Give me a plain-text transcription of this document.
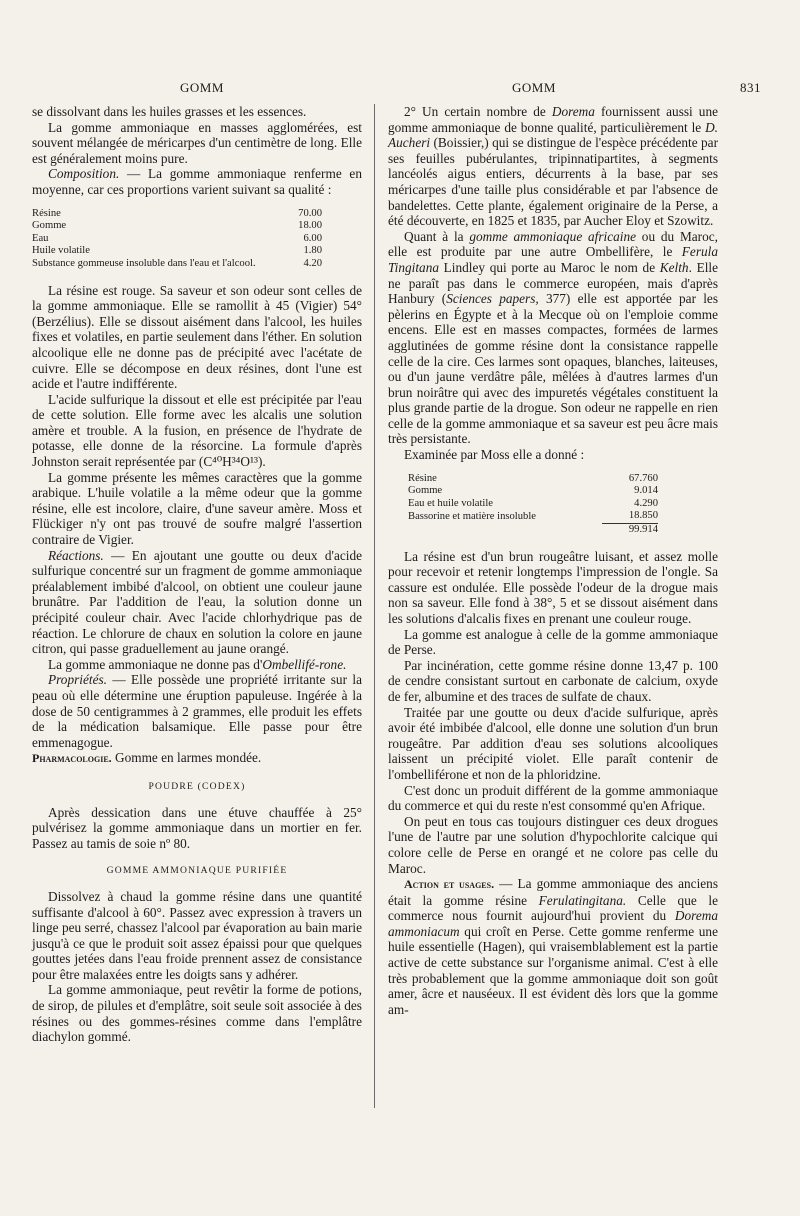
GOMM	GOMM	831

se dissolvant dans les huiles grasses et les essences.

La gomme ammoniaque en masses agglomérées, est souvent mélangée de méricarpes d'un centimètre de long. Elle est généralement moins pure.

Composition. — La gomme ammoniaque renferme en moyenne, car ces proportions varient suivant sa qualité :

Résine	70.00
Gomme	18.00
Eau	6.00
Huile volatile	1.80
Substance gommeuse insoluble dans l'eau et l'alcool.	4.20

La résine est rouge. Sa saveur et son odeur sont celles de la gomme ammoniaque. Elle se ramollit à 45 (Vigier) 54° (Berzélius). Elle se dissout aisément dans l'alcool, les huiles fixes et volatiles, en partie seulement dans l'éther. En solution alcoolique elle ne donne pas de précipité avec l'acétate de cuivre. Elle se décompose en deux résines, dont l'une est acide et l'autre indifférente.

L'acide sulfurique la dissout et elle est précipitée par l'eau de cette solution. Elle forme avec les alcalis une solution amère et trouble. A la fusion, en présence de l'hydrate de potasse, elle donne de la résorcine. La formule d'après Johnston serait représentée par (C⁴⁰H³⁴O¹³).

La gomme présente les mêmes caractères que la gomme arabique. L'huile volatile a la même odeur que la gomme résine, elle est incolore, claire, d'une saveur amère. Moss et Flückiger n'y ont pas trouvé de soufre malgré l'assertion contraire de Vigier.

Réactions. — En ajoutant une goutte ou deux d'acide sulfurique concentré sur un fragment de gomme ammoniaque préalablement imbibé d'alcool, on obtient une couleur jaune brunâtre. Par l'addition de l'eau, la solution donne un précipité couleur chair. Avec l'acide chlorhydrique pas de réaction. Le chlorure de chaux en solution la colore en jaune citron, qui passe graduellement au jaune orangé.

La gomme ammoniaque ne donne pas d'Ombellifé-rone.

Propriétés. — Elle possède une propriété irritante sur la peau où elle détermine une éruption papuleuse. Ingérée à la dose de 50 centigrammes à 2 grammes, elle produit les effets de la médication balsamique. Elle passe pour être emmenagogue.

Pharmacologie. Gomme en larmes mondée.

POUDRE (CODEX)

Après dessication dans une étuve chauffée à 25° pulvérisez la gomme ammoniaque dans un mortier en fer. Passez au tamis de soie nº 80.

GOMME AMMONIAQUE PURIFIÉE

Dissolvez à chaud la gomme résine dans une quantité suffisante d'alcool à 60°. Passez avec expression à travers un linge peu serré, chassez l'alcool par évaporation au bain marie jusqu'à ce que le produit soit assez épaissi pour que quelques gouttes jetées dans l'eau froide prennent assez de consistance pour être malaxées entre les doigts sans y adhérer.

La gomme ammoniaque, peut revêtir la forme de potions, de sirop, de pilules et d'emplâtre, soit seule soit associée à des résines ou des gommes-résines comme dans l'emplâtre diachylon gommé.

2° Un certain nombre de Dorema fournissent aussi une gomme ammoniaque de bonne qualité, particulièrement le D. Aucheri (Boissier,) qui se distingue de l'espèce précédente par ses feuilles pubérulantes, tripinnatipartites, à segments lancéolés aigus entiers, décurrents à la base, par ses méricarpes d'une taille plus considérable et par l'absence de bandelettes. Cette plante, également originaire de la Perse, a été découverte, en 1825 et 1835, par Aucher Eloy et Szowitz.

Quant à la gomme ammoniaque africaine ou du Maroc, elle est produite par une autre Ombellifère, le Ferula Tingitana Lindley qui porte au Maroc le nom de Kelth. Elle ne paraît pas dans le commerce européen, mais d'après Hanbury (Sciences papers, 377) elle est apportée par les pèlerins en Égypte et à la Mecque où on l'emploie comme encens. Elle est en masses compactes, formées de larmes agglutinées de gomme résine dont la consistance rappelle celle de la cire. Ces larmes sont opaques, blanches, laiteuses, ou d'un jaune verdâtre pâle, mêlées à d'autres larmes d'un brun noirâtre qui avec des impuretés végétales constituent la plus grande partie de la drogue. Son odeur ne rappelle en rien celle de la gomme ammoniaque et sa saveur est peu âcre mais très persistante.

Examinée par Moss elle a donné :

Résine	67.760
Gomme	9.014
Eau et huile volatile	4.290
Bassorine et matière insoluble	18.850
	99.914

La résine est d'un brun rougeâtre luisant, et assez molle pour recevoir et retenir longtemps l'impression de l'ongle. Sa cassure est ondulée. Elle possède l'odeur de la drogue mais non sa saveur. Elle fond à 38°, 5 et se dissout aisément dans les solutions d'alcalis fixes en prenant une couleur rouge.

La gomme est analogue à celle de la gomme ammoniaque de Perse.

Par incinération, cette gomme résine donne 13,47 p. 100 de cendre consistant surtout en carbonate de calcium, oxyde de fer, albumine et des traces de sulfate de chaux.

Traitée par une goutte ou deux d'acide sulfurique, après avoir été imbibée d'alcool, elle donne une solution d'un brun rougeâtre. Par addition d'eau ses solutions alcooliques laissent un précipité violet. Elle paraît contenir de l'ombelliférone et non de la phloridzine.

C'est donc un produit différent de la gomme ammoniaque du commerce et qui du reste n'est consommé qu'en Afrique.

On peut en tous cas toujours distinguer ces deux drogues l'une de l'autre par une solution d'hypochlorite calcique qui colore celle de Perse en orangé et ne colore pas celle du Maroc.

Action et usages. — La gomme ammoniaque des anciens était la gomme résine Ferulatingitana. Celle que le commerce nous fournit aujourd'hui provient du Dorema ammoniacum qui croît en Perse. Cette gomme renferme une huile essentielle (Hagen), qui vraisemblablement est la partie active de cette substance sur l'organisme animal. C'est à elle très probablement que la gomme ammoniaque doit son goût amer, âcre et nauséeux. Il est évident dès lors que la gomme am-
